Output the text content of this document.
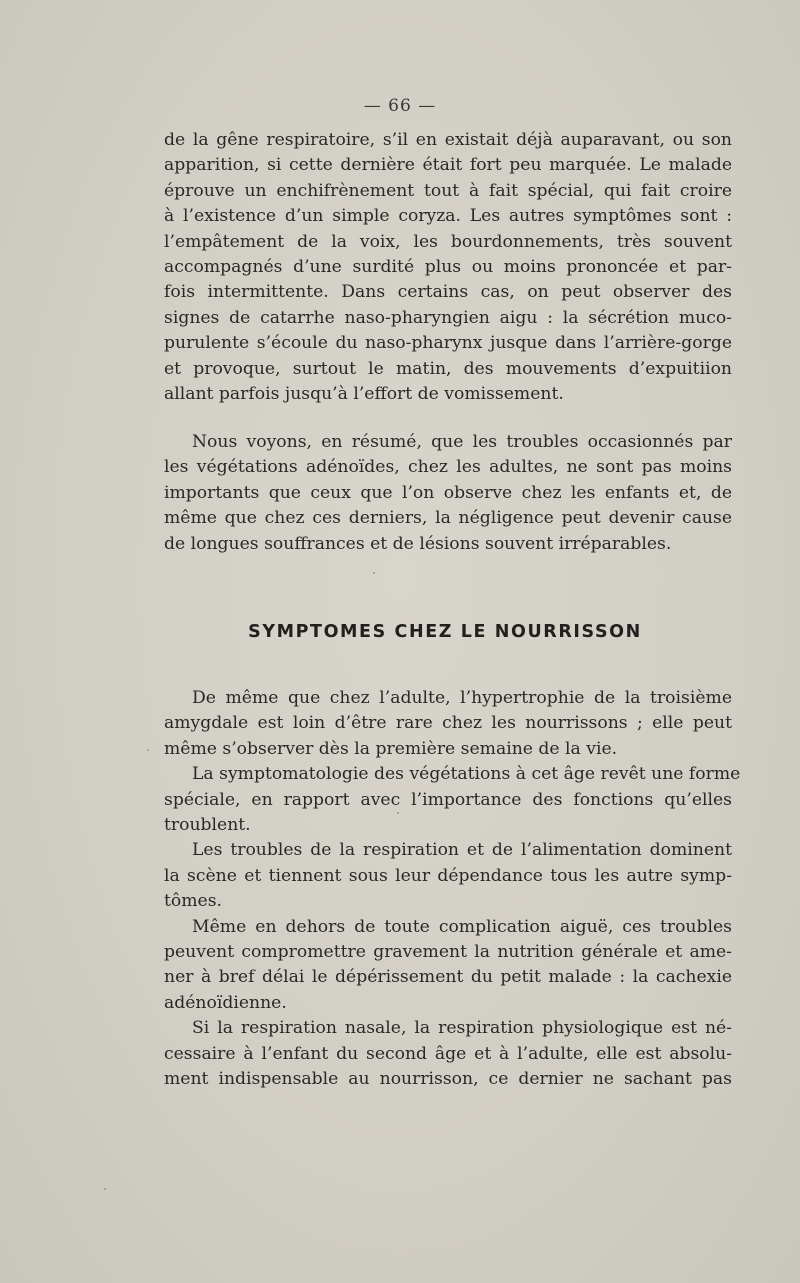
— 66 —
de la gêne respiratoire, s’il en existait déjà auparavant, ou son
apparition, si cette dernière était fort peu marquée. Le malade
éprouve un enchifrènement tout à fait spécial, qui fait croire
à l’existence d’un simple coryza. Les autres symptômes sont :
l’empâtement de la voix, les bourdonnements, très souvent
accompagnés d’une surdité plus ou moins prononcée et par-
fois intermittente. Dans certains cas, on peut observer des
signes de catarrhe naso-pharyngien aigu : la sécrétion muco-
purulente s’écoule du naso-pharynx jusque dans l’arrière-gorge
et provoque, surtout le matin, des mouvements d’expuitiion
allant parfois jusqu’à l’effort de vomissement.
Nous voyons, en résumé, que les troubles occasionnés par
les végétations adénoïdes, chez les adultes, ne sont pas moins
importants que ceux que l’on observe chez les enfants et, de
même que chez ces derniers, la négligence peut devenir cause
de longues souffrances et de lésions souvent irréparables.
SYMPTOMES CHEZ LE NOURRISSON
De même que chez l’adulte, l’hypertrophie de la troisième
amygdale est loin d’être rare chez les nourrissons ; elle peut
même s’observer dès la première semaine de la vie.
La symptomatologie des végétations à cet âge revêt une forme
spéciale, en rapport avec l’importance des fonctions qu’elles
troublent.
Les troubles de la respiration et de l’alimentation dominent
la scène et tiennent sous leur dépendance tous les autre symp-
tômes.
Même en dehors de toute complication aiguë, ces troubles
peuvent compromettre gravement la nutrition générale et ame-
ner à bref délai le dépérissement du petit malade : la cachexie
adénoïdienne.
Si la respiration nasale, la respiration physiologique est né-
cessaire à l’enfant du second âge et à l’adulte, elle est absolu-
ment indispensable au nourrisson, ce dernier ne sachant pas
